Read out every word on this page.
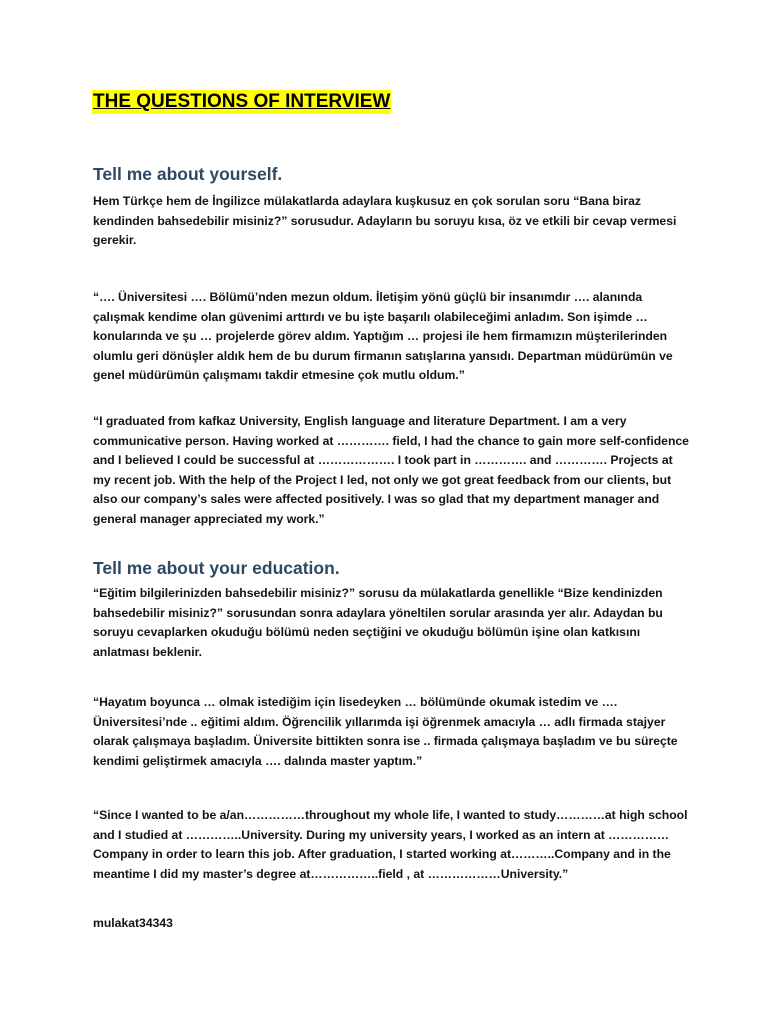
THE QUESTIONS OF INTERVIEW
Tell me about yourself.

Hem Türkçe hem de İngilizce mülakatlarda adaylara kuşkusuz en çok sorulan soru “Bana biraz kendinden bahsedebilir misiniz?” sorusudur. Adayların bu soruyu kısa, öz ve etkili bir cevap vermesi gerekir.

“…. Üniversitesi …. Bölümü’nden mezun oldum. İletişim yönü güçlü bir insanımdır …. alanında çalışmak kendime olan güvenimi arttırdı ve bu işte başarılı olabileceğimi anladım. Son işimde … konularında ve şu … projelerde görev aldım. Yaptığım … projesi ile hem firmamızın müşterilerinden olumlu geri dönüşler aldık hem de bu durum firmanın satışlarına yansıdı. Departman müdürümün ve genel müdürümün çalışmamı takdir etmesine çok mutlu oldum.”

“I graduated from kafkaz University, English language and literature Department. I am a very communicative person. Having worked at …………. field, I had the chance to gain more self-confidence and I believed I could be successful at ………………. I took part in …………. and …………. Projects at my recent job. With the help of the Project I led, not only we got great feedback from our clients, but also our company’s sales were affected positively. I was so glad that my department manager and general manager appreciated my work.”

Tell me about your education.

“Eğitim bilgilerinizden bahsedebilir misiniz?” sorusu da mülakatlarda genellikle “Bize kendinizden bahsedebilir misiniz?” sorusundan sonra adaylara yöneltilen sorular arasında yer alır. Adaydan bu soruyu cevaplarken okuduğu bölümü neden seçtiğini ve okuduğu bölümün işine olan katkısını anlatması beklenir.

“Hayatım boyunca … olmak istediğim için lisedeyken … bölümünde okumak istedim ve …. Üniversitesi’nde .. eğitimi aldım. Öğrencilik yıllarımda işi öğrenmek amacıyla … adlı firmada stajyer olarak çalışmaya başladım. Üniversite bittikten sonra ise .. firmada çalışmaya başladım ve bu süreçte kendimi geliştirmek amacıyla …. dalında master yaptım.”

“Since I wanted to be a/an……………throughout my whole life, I wanted to study…………at high school and I studied at …………..University. During my university years, I worked as an intern at ……………Company in order to learn this job. After graduation, I started working at………..Company and in the meantime I did my master’s degree at……………..field , at ………………University.”

mulakat34343
